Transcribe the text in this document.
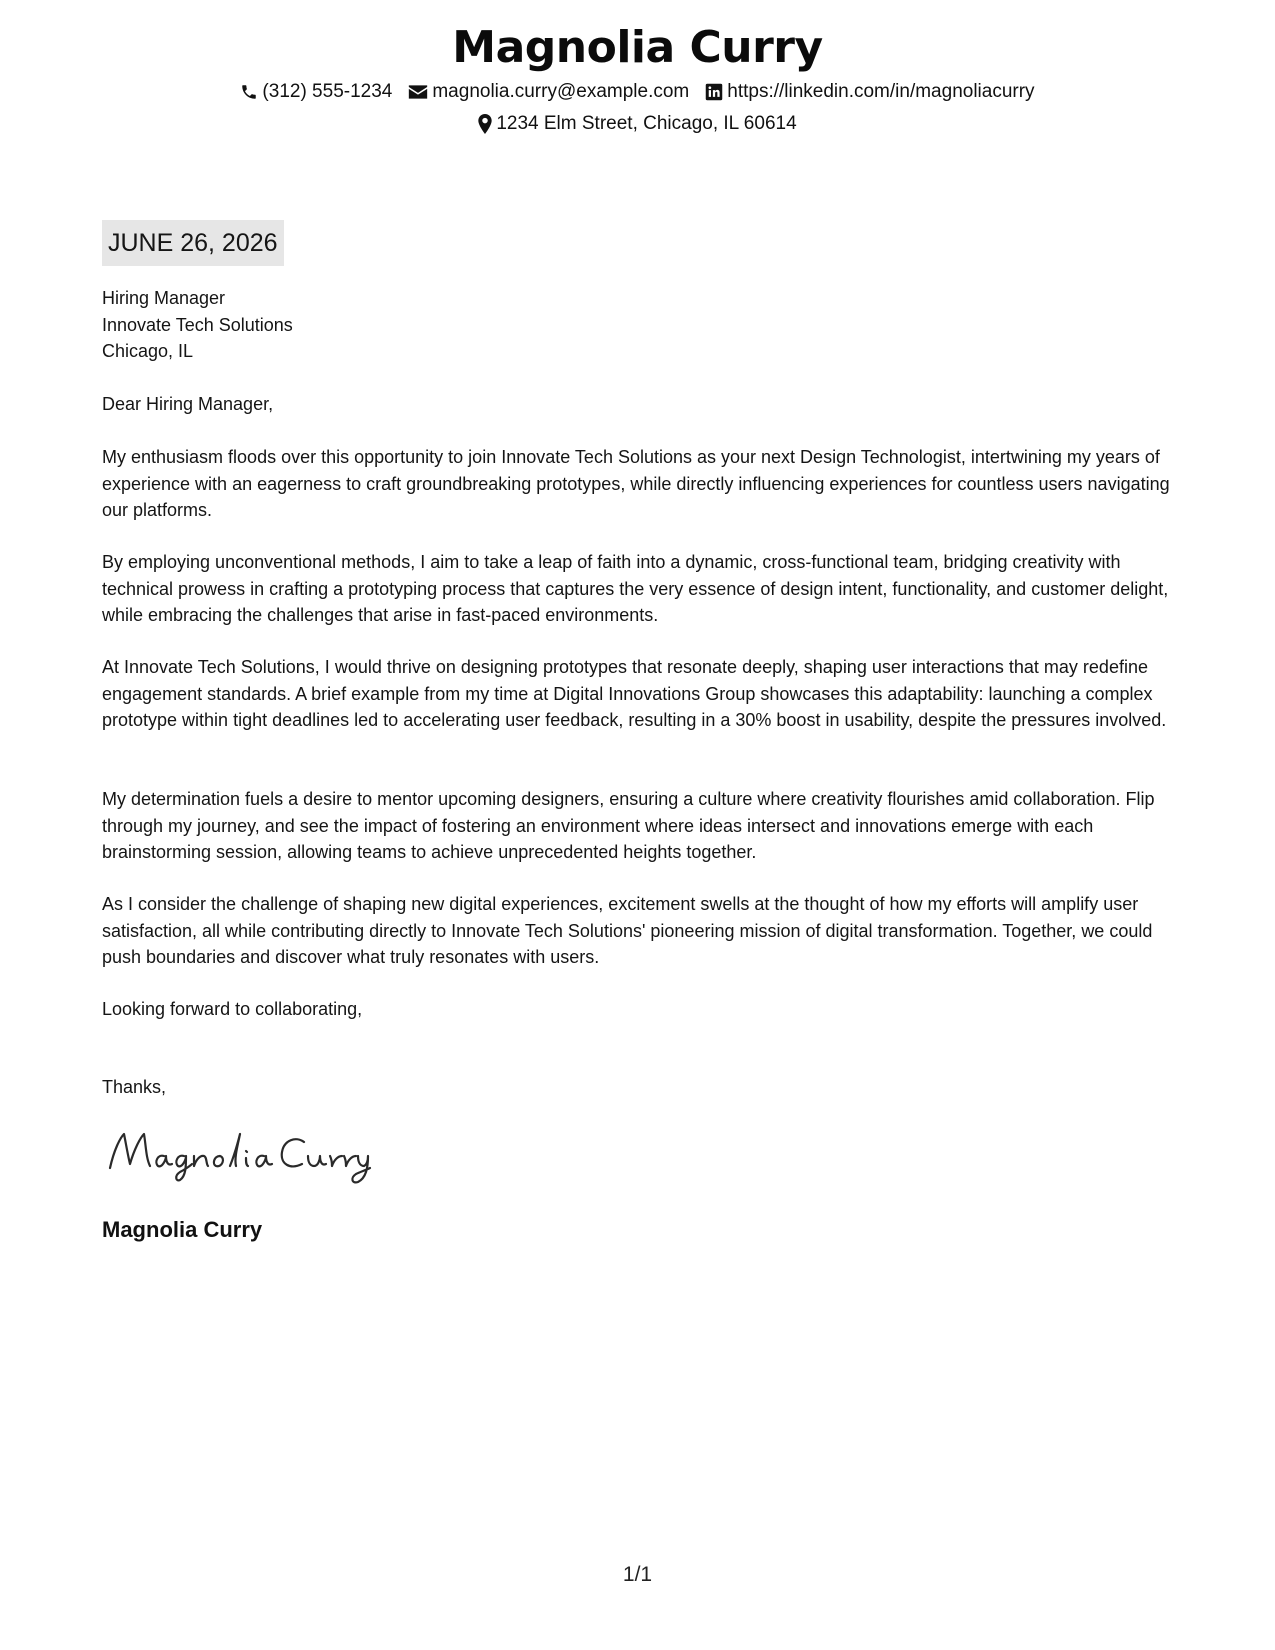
Magnolia Curry
(312) 555-1234 magnolia.curry@example.com https://linkedin.com/in/magnoliacurry
1234 Elm Street, Chicago, IL 60614
JUNE 26, 2026
Hiring Manager
Innovate Tech Solutions
Chicago, IL
Dear Hiring Manager,

My enthusiasm floods over this opportunity to join Innovate Tech Solutions as your next Design Technologist, intertwining my years of experience with an eagerness to craft groundbreaking prototypes, while directly influencing experiences for countless users navigating our platforms.

By employing unconventional methods, I aim to take a leap of faith into a dynamic, cross-functional team, bridging creativity with technical prowess in crafting a prototyping process that captures the very essence of design intent, functionality, and customer delight, while embracing the challenges that arise in fast-paced environments.

At Innovate Tech Solutions, I would thrive on designing prototypes that resonate deeply, shaping user interactions that may redefine engagement standards. A brief example from my time at Digital Innovations Group showcases this adaptability: launching a complex prototype within tight deadlines led to accelerating user feedback, resulting in a 30% boost in usability, despite the pressures involved.

My determination fuels a desire to mentor upcoming designers, ensuring a culture where creativity flourishes amid collaboration. Flip through my journey, and see the impact of fostering an environment where ideas intersect and innovations emerge with each brainstorming session, allowing teams to achieve unprecedented heights together.

As I consider the challenge of shaping new digital experiences, excitement swells at the thought of how my efforts will amplify user satisfaction, all while contributing directly to Innovate Tech Solutions' pioneering mission of digital transformation. Together, we could push boundaries and discover what truly resonates with users.

Looking forward to collaborating,
Thanks,
Magnolia Curry
1/1
